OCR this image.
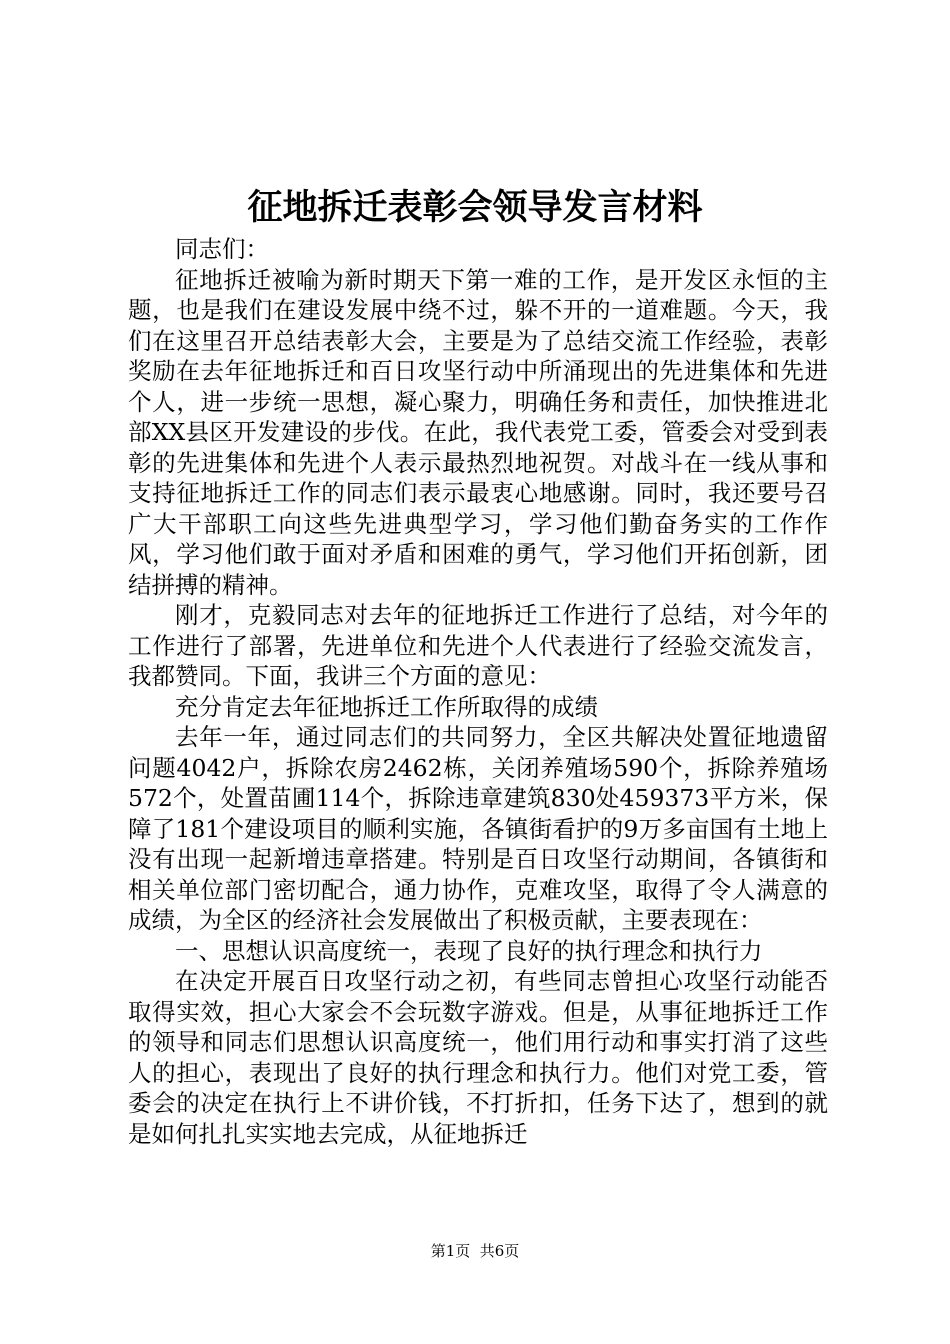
征地拆迁表彰会领导发言材料

同志们：

征地拆迁被喻为新时期天下第一难的工作，是开发区永恒的主题，也是我们在建设发展中绕不过，躲不开的一道难题。今天，我们在这里召开总结表彰大会，主要是为了总结交流工作经验，表彰奖励在去年征地拆迁和百日攻坚行动中所涌现出的先进集体和先进个人，进一步统一思想，凝心聚力，明确任务和责任，加快推进北部XX县区开发建设的步伐。在此，我代表党工委，管委会对受到表彰的先进集体和先进个人表示最热烈地祝贺。对战斗在一线从事和支持征地拆迁工作的同志们表示最衷心地感谢。同时，我还要号召广大干部职工向这些先进典型学习，学习他们勤奋务实的工作作风，学习他们敢于面对矛盾和困难的勇气，学习他们开拓创新，团结拼搏的精神。

刚才，克毅同志对去年的征地拆迁工作进行了总结，对今年的工作进行了部署，先进单位和先进个人代表进行了经验交流发言，我都赞同。下面，我讲三个方面的意见：

充分肯定去年征地拆迁工作所取得的成绩

去年一年，通过同志们的共同努力，全区共解决处置征地遗留问题4042户，拆除农房2462栋，关闭养殖场590个，拆除养殖场572个，处置苗圃114个，拆除违章建筑830处459373平方米，保障了181个建设项目的顺利实施，各镇街看护的9万多亩国有土地上没有出现一起新增违章搭建。特别是百日攻坚行动期间，各镇街和相关单位部门密切配合，通力协作，克难攻坚，取得了令人满意的成绩，为全区的经济社会发展做出了积极贡献，主要表现在：

一、思想认识高度统一，表现了良好的执行理念和执行力

在决定开展百日攻坚行动之初，有些同志曾担心攻坚行动能否取得实效，担心大家会不会玩数字游戏。但是，从事征地拆迁工作的领导和同志们思想认识高度统一，他们用行动和事实打消了这些人的担心，表现出了良好的执行理念和执行力。他们对党工委，管委会的决定在执行上不讲价钱，不打折扣，任务下达了，想到的就是如何扎扎实实地去完成，从征地拆迁

第1页  共6页
